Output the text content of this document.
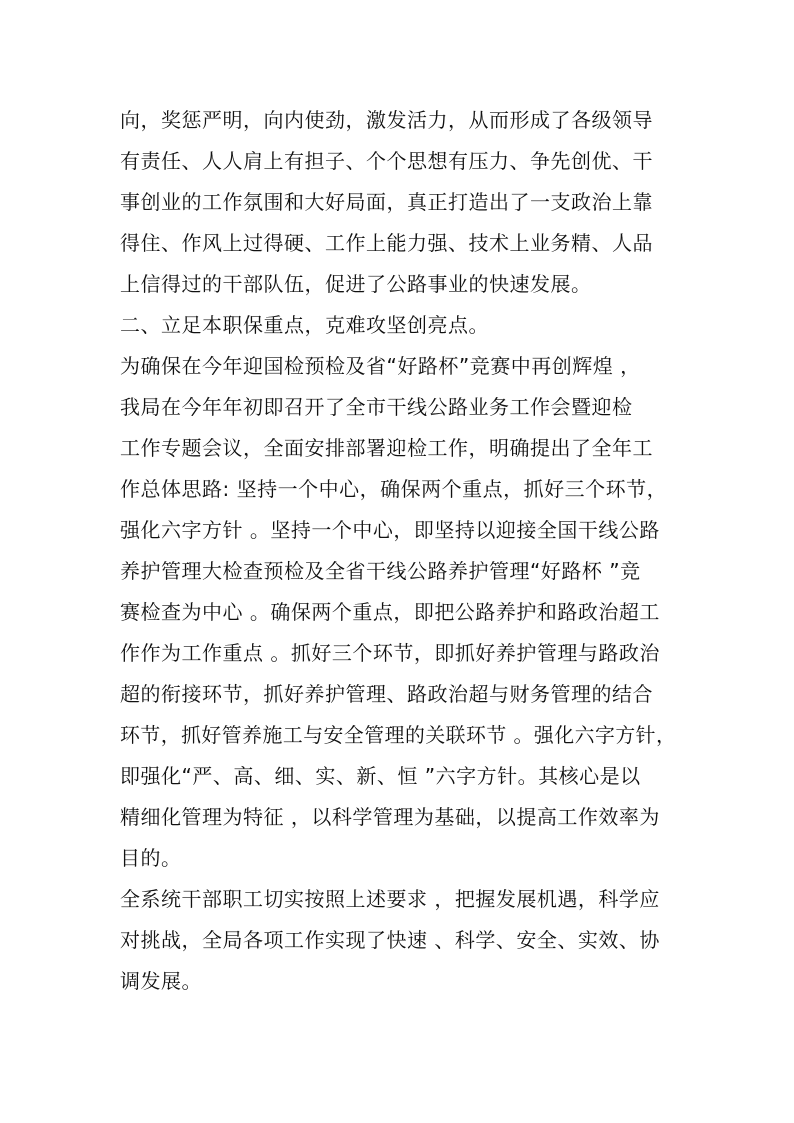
向，奖惩严明，向内使劲，激发活力，从而形成了各级领导
有责任、人人肩上有担子、个个思想有压力、争先创优、干
事创业的工作氛围和大好局面，真正打造出了一支政治上靠
得住、作风上过得硬、工作上能力强、技术上业务精、人品
上信得过的干部队伍，促进了公路事业的快速发展。
二、立足本职保重点，克难攻坚创亮点。
为确保在今年迎国检预检及省“好路杯”竞赛中再创辉煌 ，
我局在今年年初即召开了全市干线公路业务工作会暨迎检
工作专题会议，全面安排部署迎检工作，明确提出了全年工
作总体思路: 坚持一个中心，确保两个重点，抓好三个环节，
强化六字方针 。坚持一个中心，即坚持以迎接全国干线公路
养护管理大检查预检及全省干线公路养护管理“好路杯 ”竞
赛检查为中心 。确保两个重点，即把公路养护和路政治超工
作作为工作重点 。抓好三个环节，即抓好养护管理与路政治
超的衔接环节，抓好养护管理、路政治超与财务管理的结合
环节，抓好管养施工与安全管理的关联环节 。强化六字方针，
即强化“严、高、细、实、新、恒 ”六字方针。其核心是以
精细化管理为特征 ，以科学管理为基础，以提高工作效率为
目的。
全系统干部职工切实按照上述要求 ，把握发展机遇，科学应
对挑战，全局各项工作实现了快速 、科学、安全、实效、协
调发展。
